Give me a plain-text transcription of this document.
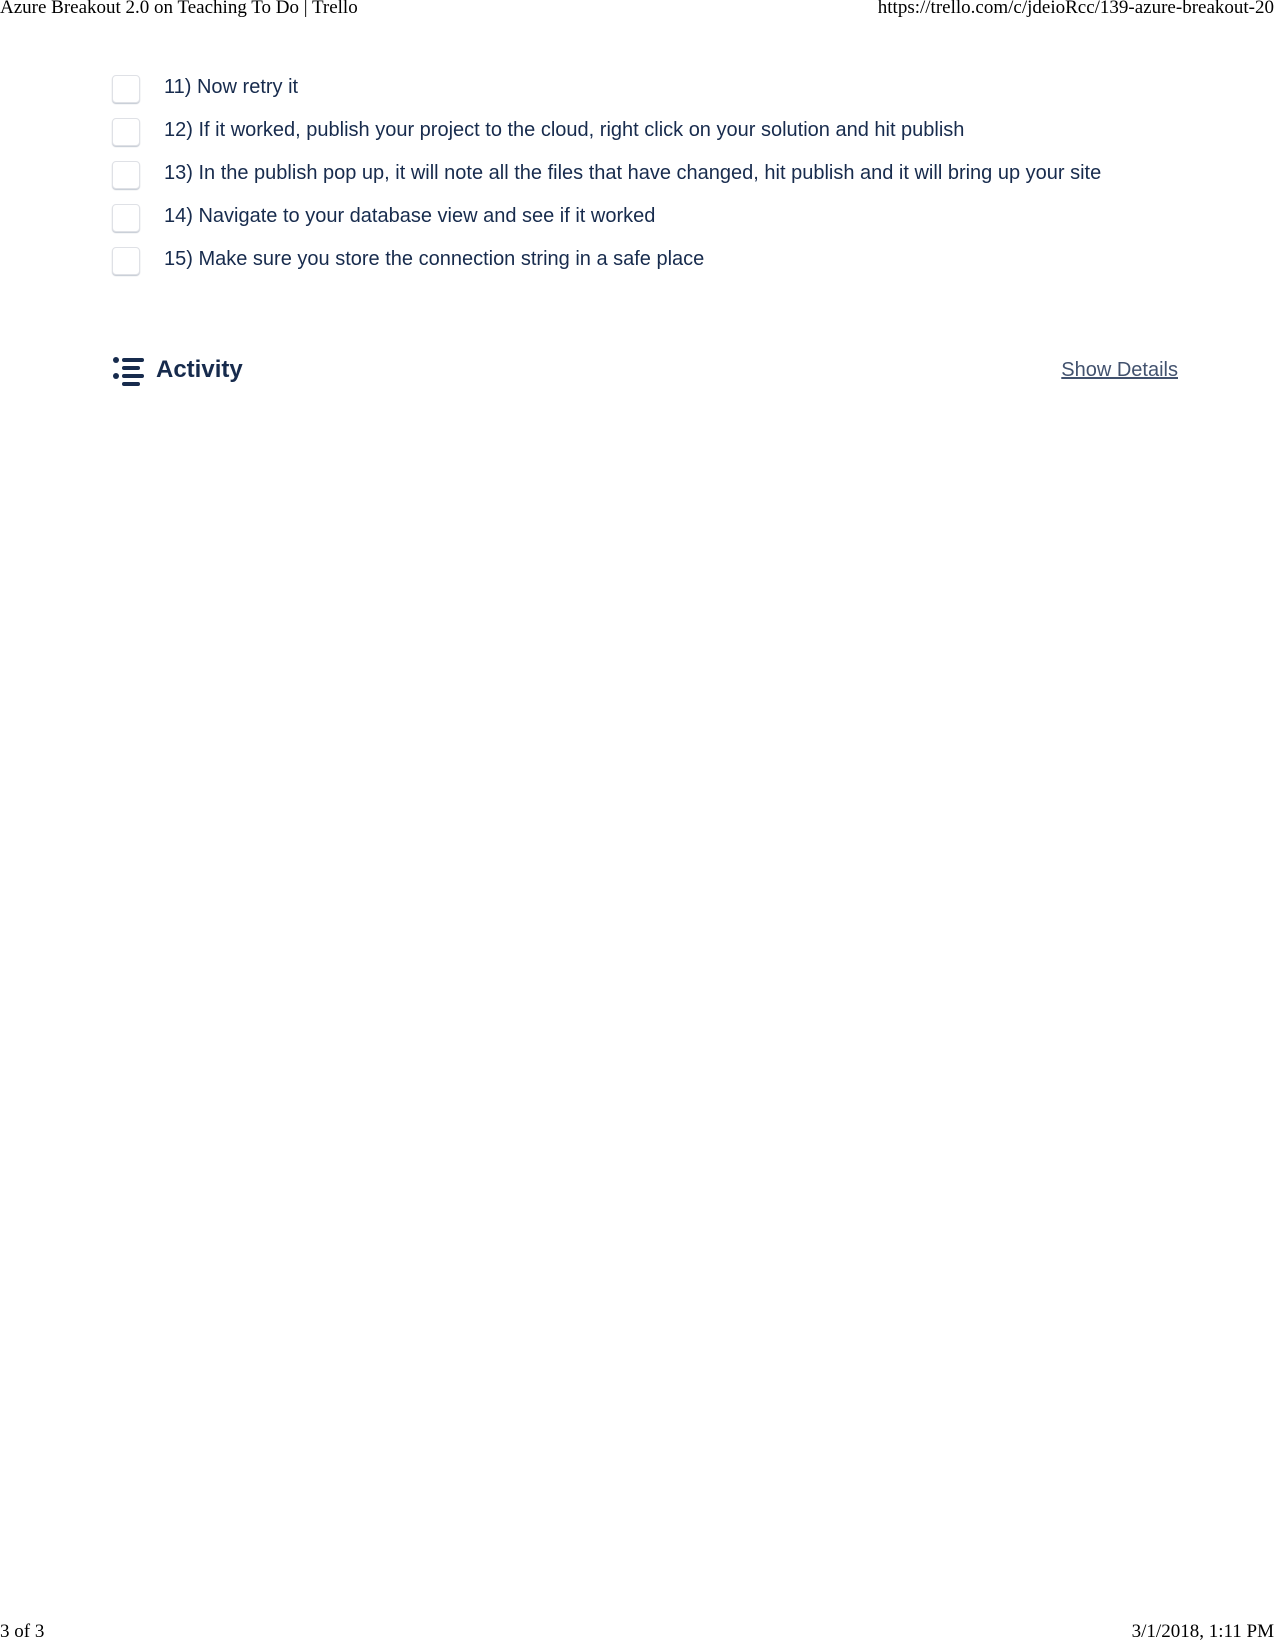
Azure Breakout 2.0 on Teaching To Do | Trello	https://trello.com/c/jdeioRcc/139-azure-breakout-20
11) Now retry it
12) If it worked, publish your project to the cloud, right click on your solution and hit publish
13) In the publish pop up, it will note all the files that have changed, hit publish and it will bring up your site
14) Navigate to your database view and see if it worked
15) Make sure you store the connection string in a safe place
Activity	Show Details
3 of 3	3/1/2018, 1:11 PM
